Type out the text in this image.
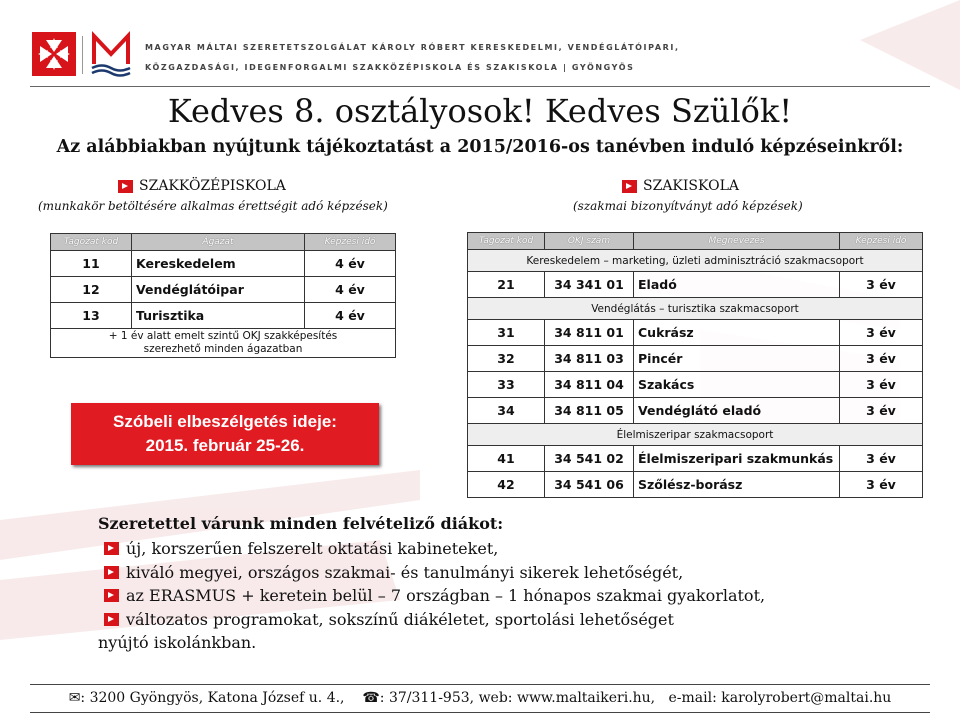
MAGYAR MÁLTAI SZERETETSZOLGÁLAT KÁROLY RÓBERT KERESKEDELMI, VENDÉGLÁTÓIPARI,
KÖZGAZDASÁGI, IDEGENFORGALMI SZAKKÖZÉPISKOLA ÉS SZAKISKOLA | GYÖNGYÖS
Kedves 8. osztályosok! Kedves Szülők!
Az alábbiakban nyújtunk tájékoztatást a 2015/2016-os tanévben induló képzéseinkről:
SZAKKÖZÉPISKOLA
(munkakör betöltésére alkalmas érettségit adó képzések)
Tagozat kód	Ágazat	Képzési idő
11	Kereskedelem	4 év
12	Vendéglátóipar	4 év
13	Turisztika	4 év

+ 1 év alatt emelt szintű OKJ szakképesítés
szerezhető minden ágazatban		
Szóbeli elbeszélgetés ideje:
2015. február 25-26.
SZAKISKOLA
(szakmai bizonyítványt adó képzések)
Tagozat kód	OKJ szám	Megnevezés	Képzési idő
Kereskedelem – marketing, üzleti adminisztráció szakmacsoport			
21	34 341 01	Eladó	3 év
Vendéglátás – turisztika szakmacsoport			
31	34 811 01	Cukrász	3 év
32	34 811 03	Pincér	3 év
33	34 811 04	Szakács	3 év
34	34 811 05	Vendéglátó eladó	3 év
Élelmiszeripar szakmacsoport			
41	34 541 02	Élelmiszeripari szakmunkás	3 év
42	34 541 06	Szőlész-borász	3 év
Szeretettel várunk minden felvételiző diákot:
új, korszerűen felszerelt oktatási kabineteket,
kiváló megyei, országos szakmai- és tanulmányi sikerek lehetőségét,
az ERASMUS + keretein belül – 7 országban – 1 hónapos szakmai gyakorlatot,
változatos programokat, sokszínű diákéletet, sportolási lehetőséget
nyújtó iskolánkban.
✉: 3200 Gyöngyös, Katona József u. 4., ☎: 37/311-953, web: www.maltaikeri.hu, e-mail: karolyrobert@maltai.hu
